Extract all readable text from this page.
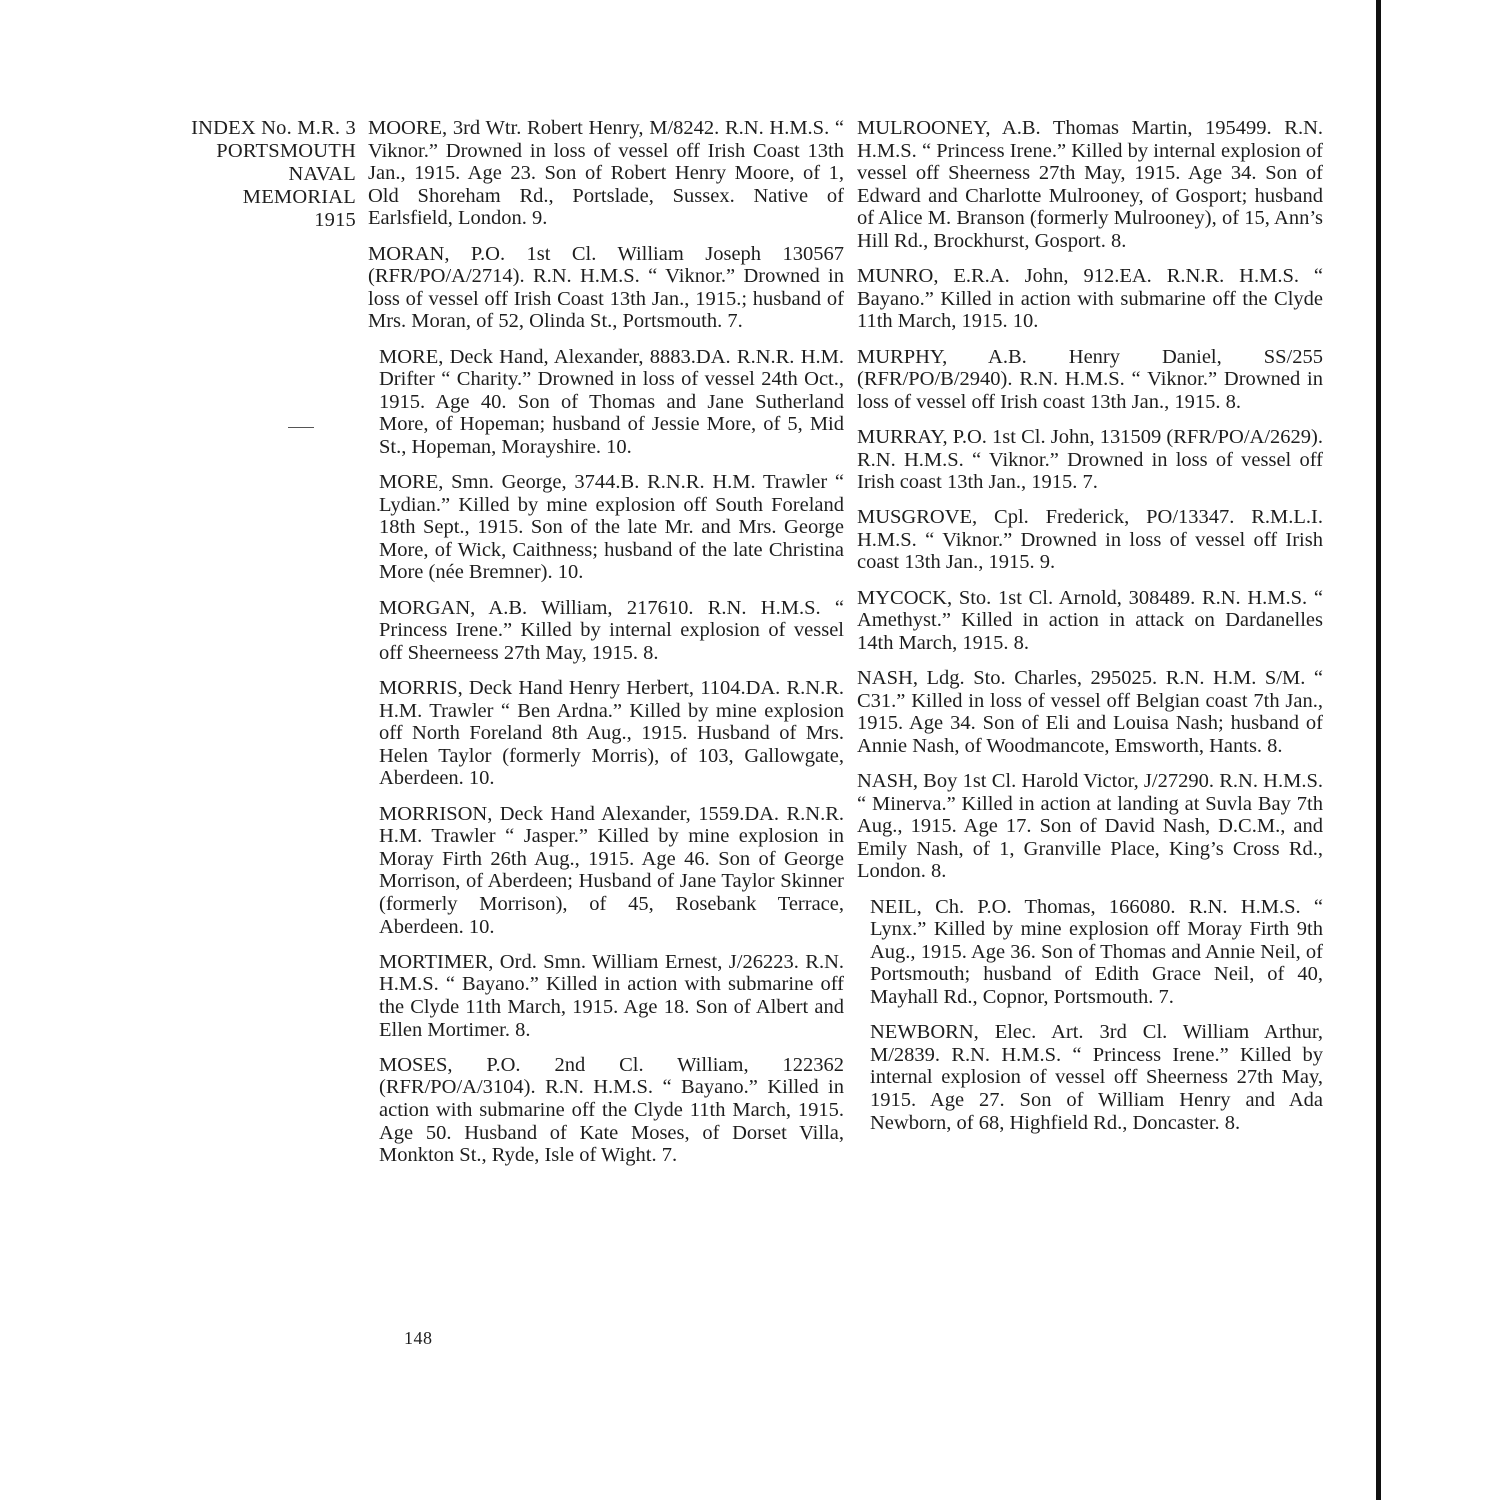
INDEX No. M.R. 3
PORTSMOUTH
NAVAL
MEMORIAL
1915

MOORE, 3rd Wtr. Robert Henry, M/8242. R.N. H.M.S. “ Viknor.” Drowned in loss of vessel off Irish Coast 13th Jan., 1915. Age 23. Son of Robert Henry Moore, of 1, Old Shoreham Rd., Portslade, Sussex. Native of Earlsfield, London. 9.

MORAN, P.O. 1st Cl. William Joseph 130567 (RFR/PO/A/2714). R.N. H.M.S. “ Viknor.” Drowned in loss of vessel off Irish Coast 13th Jan., 1915.; husband of Mrs. Moran, of 52, Olinda St., Portsmouth. 7.

MORE, Deck Hand, Alexander, 8883.DA. R.N.R. H.M. Drifter “ Charity.” Drowned in loss of vessel 24th Oct., 1915. Age 40. Son of Thomas and Jane Sutherland More, of Hopeman; husband of Jessie More, of 5, Mid St., Hopeman, Morayshire. 10.

MORE, Smn. George, 3744.B. R.N.R. H.M. Trawler “ Lydian.” Killed by mine explosion off South Foreland 18th Sept., 1915. Son of the late Mr. and Mrs. George More, of Wick, Caithness; husband of the late Christina More (née Bremner). 10.

MORGAN, A.B. William, 217610. R.N. H.M.S. “ Princess Irene.” Killed by internal explosion of vessel off Sheerneess 27th May, 1915. 8.

MORRIS, Deck Hand Henry Herbert, 1104.DA. R.N.R. H.M. Trawler “ Ben Ardna.” Killed by mine explosion off North Foreland 8th Aug., 1915. Husband of Mrs. Helen Taylor (formerly Morris), of 103, Gallowgate, Aberdeen. 10.

MORRISON, Deck Hand Alexander, 1559.DA. R.N.R. H.M. Trawler “ Jasper.” Killed by mine explosion in Moray Firth 26th Aug., 1915. Age 46. Son of George Morrison, of Aberdeen; Husband of Jane Taylor Skinner (formerly Morrison), of 45, Rosebank Terrace, Aberdeen. 10.

MORTIMER, Ord. Smn. William Ernest, J/26223. R.N. H.M.S. “ Bayano.” Killed in action with submarine off the Clyde 11th March, 1915. Age 18. Son of Albert and Ellen Mortimer. 8.

MOSES, P.O. 2nd Cl. William, 122362 (RFR/PO/A/3104). R.N. H.M.S. “ Bayano.” Killed in action with submarine off the Clyde 11th March, 1915. Age 50. Husband of Kate Moses, of Dorset Villa, Monkton St., Ryde, Isle of Wight. 7.

MULROONEY, A.B. Thomas Martin, 195499. R.N. H.M.S. “ Princess Irene.” Killed by internal explosion of vessel off Sheerness 27th May, 1915. Age 34. Son of Edward and Charlotte Mulrooney, of Gosport; husband of Alice M. Branson (formerly Mulrooney), of 15, Ann’s Hill Rd., Brockhurst, Gosport. 8.

MUNRO, E.R.A. John, 912.EA. R.N.R. H.M.S. “ Bayano.” Killed in action with submarine off the Clyde 11th March, 1915. 10.

MURPHY, A.B. Henry Daniel, SS/255 (RFR/PO/B/2940). R.N. H.M.S. “ Viknor.” Drowned in loss of vessel off Irish coast 13th Jan., 1915. 8.

MURRAY, P.O. 1st Cl. John, 131509 (RFR/PO/A/2629). R.N. H.M.S. “ Viknor.” Drowned in loss of vessel off Irish coast 13th Jan., 1915. 7.

MUSGROVE, Cpl. Frederick, PO/13347. R.M.L.I. H.M.S. “ Viknor.” Drowned in loss of vessel off Irish coast 13th Jan., 1915. 9.

MYCOCK, Sto. 1st Cl. Arnold, 308489. R.N. H.M.S. “ Amethyst.” Killed in action in attack on Dardanelles 14th March, 1915. 8.

NASH, Ldg. Sto. Charles, 295025. R.N. H.M. S/M. “ C31.” Killed in loss of vessel off Belgian coast 7th Jan., 1915. Age 34. Son of Eli and Louisa Nash; husband of Annie Nash, of Woodmancote, Emsworth, Hants. 8.

NASH, Boy 1st Cl. Harold Victor, J/27290. R.N. H.M.S. “ Minerva.” Killed in action at landing at Suvla Bay 7th Aug., 1915. Age 17. Son of David Nash, D.C.M., and Emily Nash, of 1, Granville Place, King’s Cross Rd., London. 8.

NEIL, Ch. P.O. Thomas, 166080. R.N. H.M.S. “ Lynx.” Killed by mine explosion off Moray Firth 9th Aug., 1915. Age 36. Son of Thomas and Annie Neil, of Portsmouth; husband of Edith Grace Neil, of 40, Mayhall Rd., Copnor, Portsmouth. 7.

NEWBORN, Elec. Art. 3rd Cl. William Arthur, M/2839. R.N. H.M.S. “ Princess Irene.” Killed by internal explosion of vessel off Sheerness 27th May, 1915. Age 27. Son of William Henry and Ada Newborn, of 68, Highfield Rd., Doncaster. 8.

148
